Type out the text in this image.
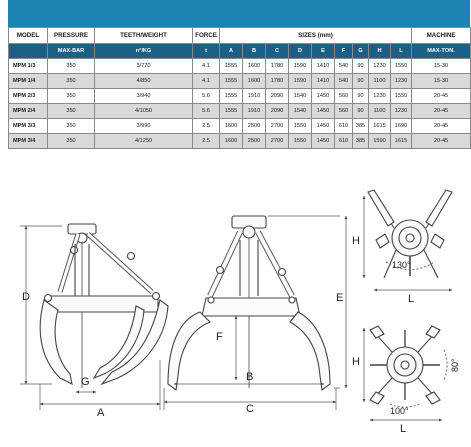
MODEL	PRESSURE	TEETH/WEIGHT	FORCE	SIZES (mm)									MACHINE
	MAX-BAR	n°/KG	t	A	B	C	D	E	F	G	H	L	MAX-TON.
MPM 1/3	350	3/770	4.1	1555	1600	1780	1590	1410	540	90	1230	1550	15-30
MPM 1/4	350	4/850	4.1	1555	1600	1780	1590	1410	540	90	1100	1230	15-30
MPM 2/3	350	3/940	5.6	1555	1910	2090	1540	1450	560	90	1230	1550	20-45
MPM 2/4	350	4/1050	5.6	1555	1910	2090	1540	1450	560	90	1100	1230	20-45
MPM 3/3	350	3/990	2.5	1600	2500	2700	1550	1450	610	385	1615	1690	20-45
MPM 3/4	350	4/1250	2.5	1600	2500	2700	1550	1450	610	385	1590	1615	20-45
D
A
G
E
F
B
C
H
L
H
L
130°
80°
100°
